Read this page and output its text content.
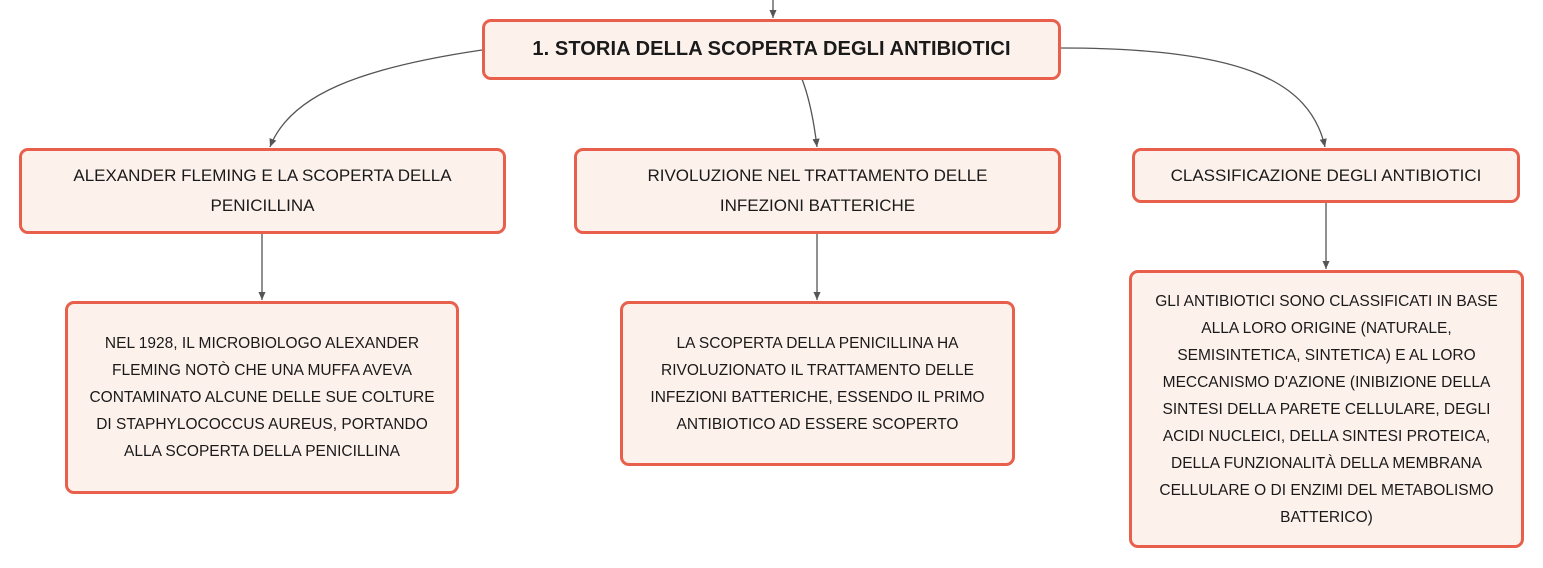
1. STORIA DELLA SCOPERTA DEGLI ANTIBIOTICI
ALEXANDER FLEMING E LA SCOPERTA DELLA
PENICILLINA
RIVOLUZIONE NEL TRATTAMENTO DELLE
INFEZIONI BATTERICHE
CLASSIFICAZIONE DEGLI ANTIBIOTICI
NEL 1928, IL MICROBIOLOGO ALEXANDER
FLEMING NOTÒ CHE UNA MUFFA AVEVA
CONTAMINATO ALCUNE DELLE SUE COLTURE
DI STAPHYLOCOCCUS AUREUS, PORTANDO
ALLA SCOPERTA DELLA PENICILLINA
LA SCOPERTA DELLA PENICILLINA HA
RIVOLUZIONATO IL TRATTAMENTO DELLE
INFEZIONI BATTERICHE, ESSENDO IL PRIMO
ANTIBIOTICO AD ESSERE SCOPERTO
GLI ANTIBIOTICI SONO CLASSIFICATI IN BASE
ALLA LORO ORIGINE (NATURALE,
SEMISINTETICA, SINTETICA) E AL LORO
MECCANISMO D'AZIONE (INIBIZIONE DELLA
SINTESI DELLA PARETE CELLULARE, DEGLI
ACIDI NUCLEICI, DELLA SINTESI PROTEICA,
DELLA FUNZIONALITÀ DELLA MEMBRANA
CELLULARE O DI ENZIMI DEL METABOLISMO
BATTERICO)
